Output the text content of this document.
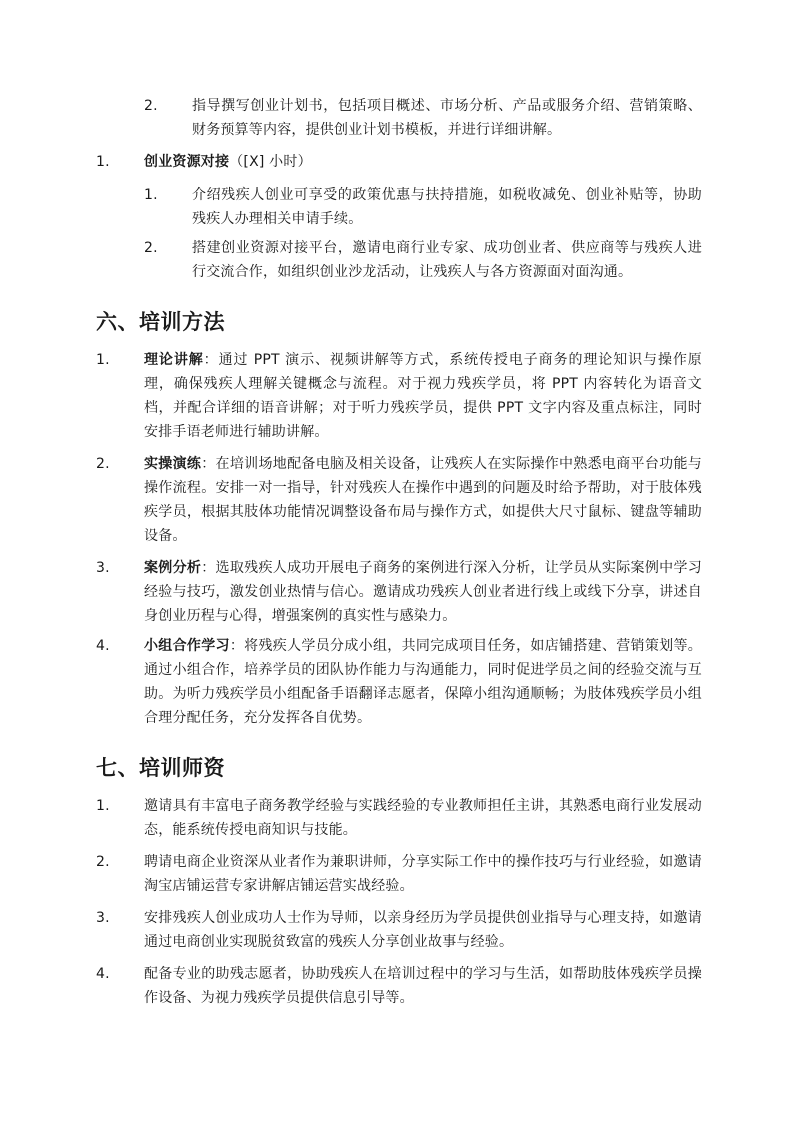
2. 指导撰写创业计划书，包括项目概述、市场分析、产品或服务介绍、营销策略、财务预算等内容，提供创业计划书模板，并进行详细讲解。
1. 创业资源对接（[X] 小时）
1. 介绍残疾人创业可享受的政策优惠与扶持措施，如税收减免、创业补贴等，协助残疾人办理相关申请手续。
2. 搭建创业资源对接平台，邀请电商行业专家、成功创业者、供应商等与残疾人进行交流合作，如组织创业沙龙活动，让残疾人与各方资源面对面沟通。
六、培训方法
1. 理论讲解：通过 PPT 演示、视频讲解等方式，系统传授电子商务的理论知识与操作原理，确保残疾人理解关键概念与流程。对于视力残疾学员，将 PPT 内容转化为语音文档，并配合详细的语音讲解；对于听力残疾学员，提供 PPT 文字内容及重点标注，同时安排手语老师进行辅助讲解。
2. 实操演练：在培训场地配备电脑及相关设备，让残疾人在实际操作中熟悉电商平台功能与操作流程。安排一对一指导，针对残疾人在操作中遇到的问题及时给予帮助，对于肢体残疾学员，根据其肢体功能情况调整设备布局与操作方式，如提供大尺寸鼠标、键盘等辅助设备。
3. 案例分析：选取残疾人成功开展电子商务的案例进行深入分析，让学员从实际案例中学习经验与技巧，激发创业热情与信心。邀请成功残疾人创业者进行线上或线下分享，讲述自身创业历程与心得，增强案例的真实性与感染力。
4. 小组合作学习：将残疾人学员分成小组，共同完成项目任务，如店铺搭建、营销策划等。通过小组合作，培养学员的团队协作能力与沟通能力，同时促进学员之间的经验交流与互助。为听力残疾学员小组配备手语翻译志愿者，保障小组沟通顺畅；为肢体残疾学员小组合理分配任务，充分发挥各自优势。
七、培训师资
1. 邀请具有丰富电子商务教学经验与实践经验的专业教师担任主讲，其熟悉电商行业发展动态，能系统传授电商知识与技能。
2. 聘请电商企业资深从业者作为兼职讲师，分享实际工作中的操作技巧与行业经验，如邀请淘宝店铺运营专家讲解店铺运营实战经验。
3. 安排残疾人创业成功人士作为导师，以亲身经历为学员提供创业指导与心理支持，如邀请通过电商创业实现脱贫致富的残疾人分享创业故事与经验。
4. 配备专业的助残志愿者，协助残疾人在培训过程中的学习与生活，如帮助肢体残疾学员操作设备、为视力残疾学员提供信息引导等。
